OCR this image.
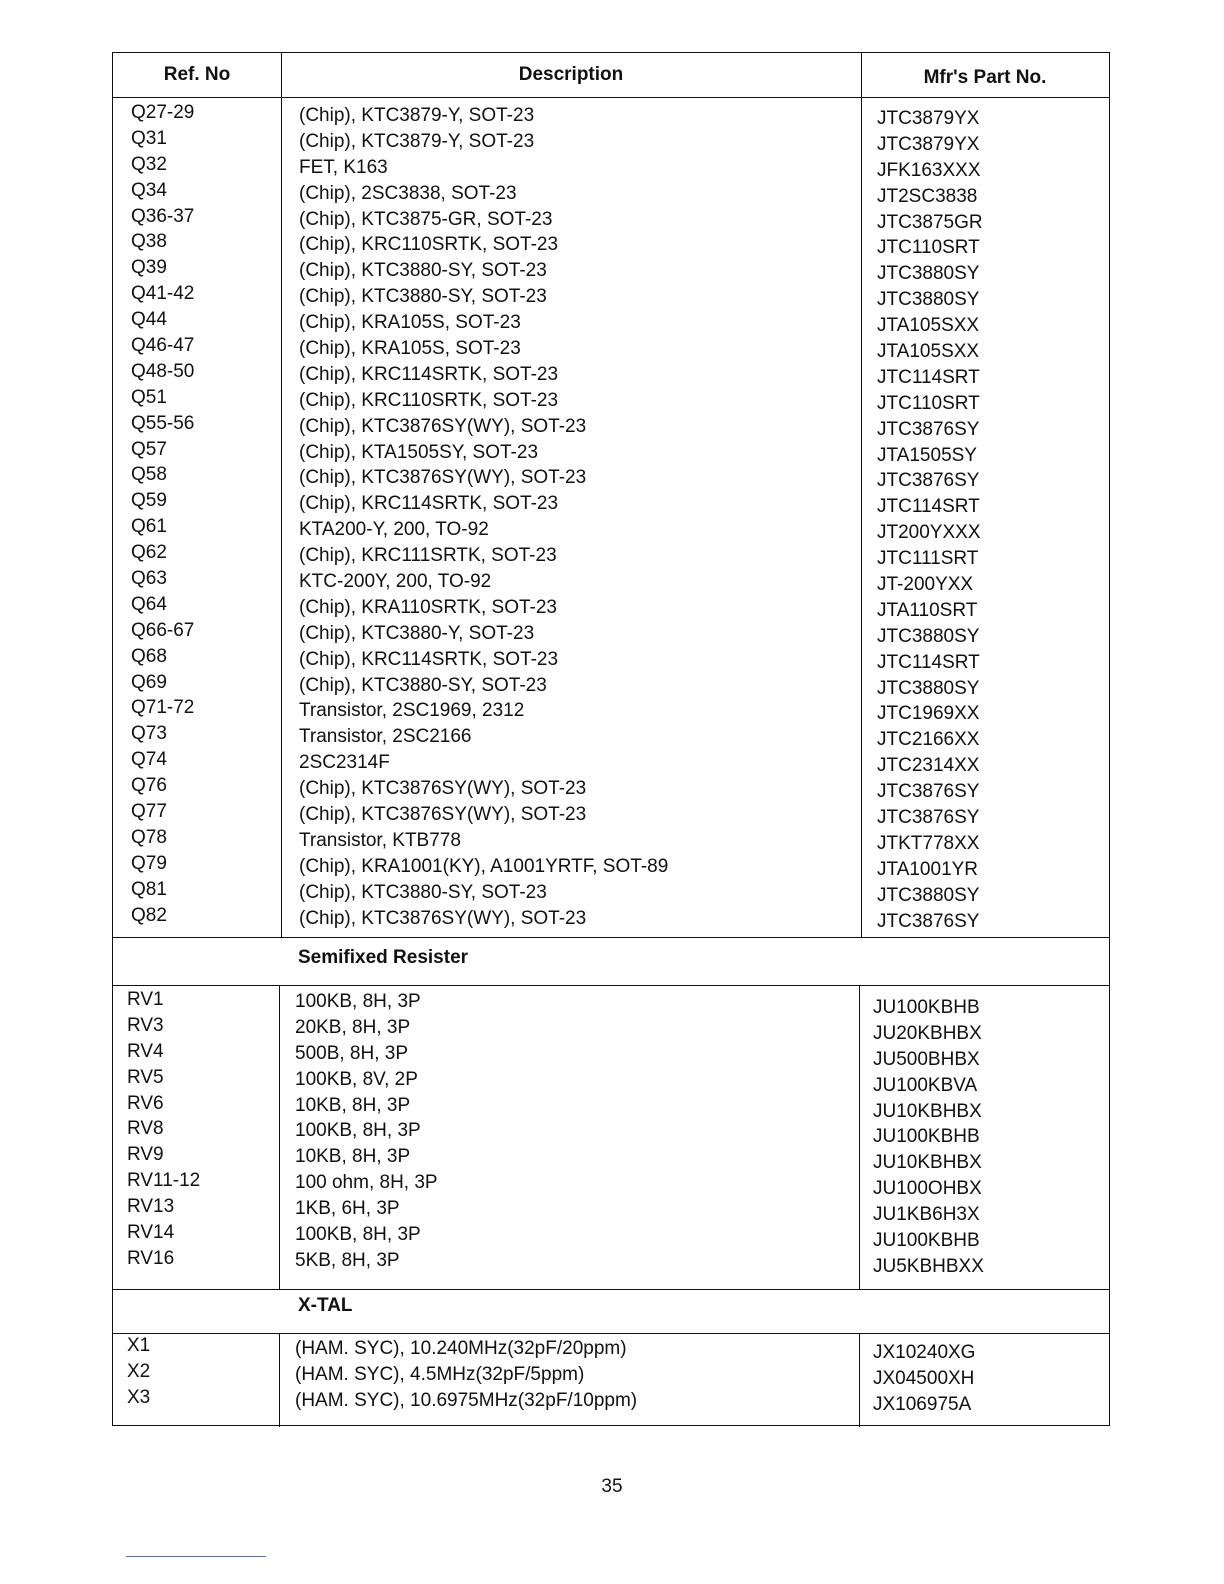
Ref. No	Description	Mfr's Part No.
Q27-29
Q31
Q32
Q34
Q36-37
Q38
Q39
Q41-42
Q44
Q46-47
Q48-50
Q51
Q55-56
Q57
Q58
Q59
Q61
Q62
Q63
Q64
Q66-67
Q68
Q69
Q71-72
Q73
Q74
Q76
Q77
Q78
Q79
Q81
Q82
(Chip), KTC3879-Y, SOT-23
(Chip), KTC3879-Y, SOT-23
FET, K163
(Chip), 2SC3838, SOT-23
(Chip), KTC3875-GR, SOT-23
(Chip), KRC110SRTK, SOT-23
(Chip), KTC3880-SY, SOT-23
(Chip), KTC3880-SY, SOT-23
(Chip), KRA105S, SOT-23
(Chip), KRA105S, SOT-23
(Chip), KRC114SRTK, SOT-23
(Chip), KRC110SRTK, SOT-23
(Chip), KTC3876SY(WY), SOT-23
(Chip), KTA1505SY, SOT-23
(Chip), KTC3876SY(WY), SOT-23
(Chip), KRC114SRTK, SOT-23
KTA200-Y, 200, TO-92
(Chip), KRC111SRTK, SOT-23
KTC-200Y, 200, TO-92
(Chip), KRA110SRTK, SOT-23
(Chip), KTC3880-Y, SOT-23
(Chip), KRC114SRTK, SOT-23
(Chip), KTC3880-SY, SOT-23
Transistor, 2SC1969, 2312
Transistor, 2SC2166
2SC2314F
(Chip), KTC3876SY(WY), SOT-23
(Chip), KTC3876SY(WY), SOT-23
Transistor, KTB778
(Chip), KRA1001(KY), A1001YRTF, SOT-89
(Chip), KTC3880-SY, SOT-23
(Chip), KTC3876SY(WY), SOT-23
JTC3879YX
JTC3879YX
JFK163XXX
JT2SC3838
JTC3875GR
JTC110SRT
JTC3880SY
JTC3880SY
JTA105SXX
JTA105SXX
JTC114SRT
JTC110SRT
JTC3876SY
JTA1505SY
JTC3876SY
JTC114SRT
JT200YXXX
JTC111SRT
JT-200YXX
JTA110SRT
JTC3880SY
JTC114SRT
JTC3880SY
JTC1969XX
JTC2166XX
JTC2314XX
JTC3876SY
JTC3876SY
JTKT778XX
JTA1001YR
JTC3880SY
JTC3876SY
Semifixed Resister
RV1
RV3
RV4
RV5
RV6
RV8
RV9
RV11-12
RV13
RV14
RV16
100KB, 8H, 3P
20KB, 8H, 3P
500B, 8H, 3P
100KB, 8V, 2P
10KB, 8H, 3P
100KB, 8H, 3P
10KB, 8H, 3P
100 ohm, 8H, 3P
1KB, 6H, 3P
100KB, 8H, 3P
5KB, 8H, 3P
JU100KBHB
JU20KBHBX
JU500BHBX
JU100KBVA
JU10KBHBX
JU100KBHB
JU10KBHBX
JU100OHBX
JU1KB6H3X
JU100KBHB
JU5KBHBXX
X-TAL
X1
X2
X3
(HAM. SYC), 10.240MHz(32pF/20ppm)
(HAM. SYC), 4.5MHz(32pF/5ppm)
(HAM. SYC), 10.6975MHz(32pF/10ppm)
JX10240XG
JX04500XH
JX106975A
35
